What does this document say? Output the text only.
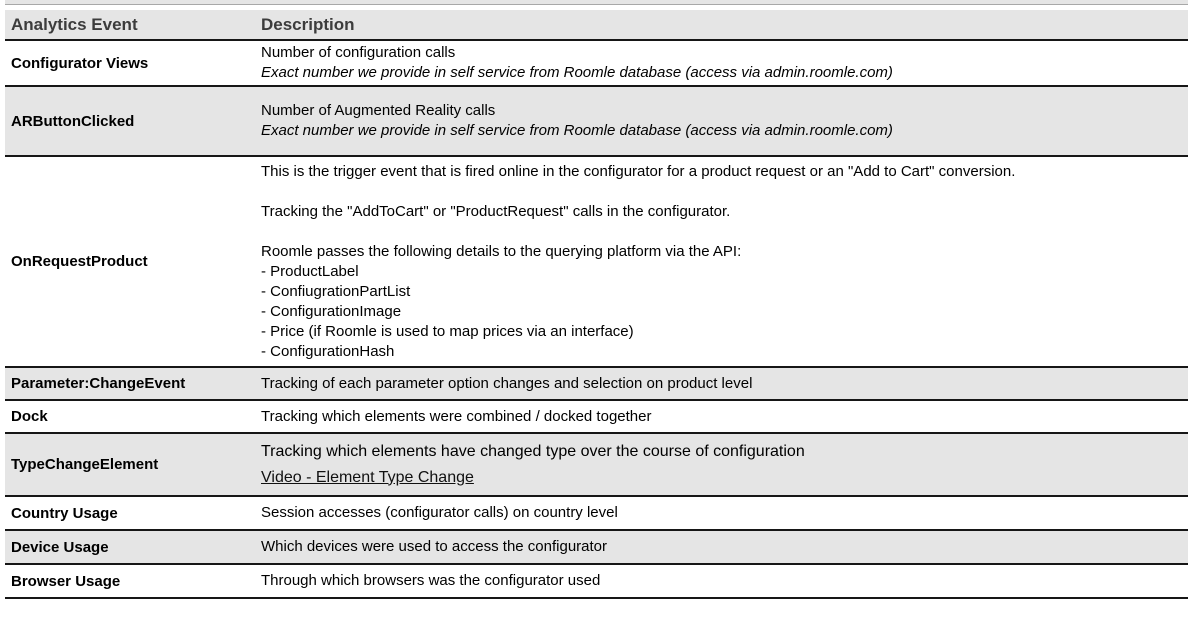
Analytics Event	Description
Configurator Views	Number of configuration calls
Exact number we provide in self service from Roomle database (access via admin.roomle.com)

ARButtonClicked	Number of Augmented Reality calls
Exact number we provide in self service from Roomle database (access via admin.roomle.com)

OnRequestProduct	
This is the trigger event that is fired online in the configurator for a product request or an "Add to Cart" conversion.
Tracking the "AddToCart" or "ProductRequest" calls in the configurator.
Roomle passes the following details to the querying platform via the API:
- ProductLabel
- ConfiugrationPartList
- ConfigurationImage
- Price (if Roomle is used to map prices via an interface)
- ConfigurationHash

Parameter:ChangeEvent	Tracking of each parameter option changes and selection on product level

Dock	Tracking which elements were combined / docked together

TypeChangeElement	Tracking which elements have changed type over the course of configuration
Video - Element Type Change

Country Usage	Session accesses (configurator calls) on country level

Device Usage	Which devices were used to access the configurator

Browser Usage	Through which browsers was the configurator used
